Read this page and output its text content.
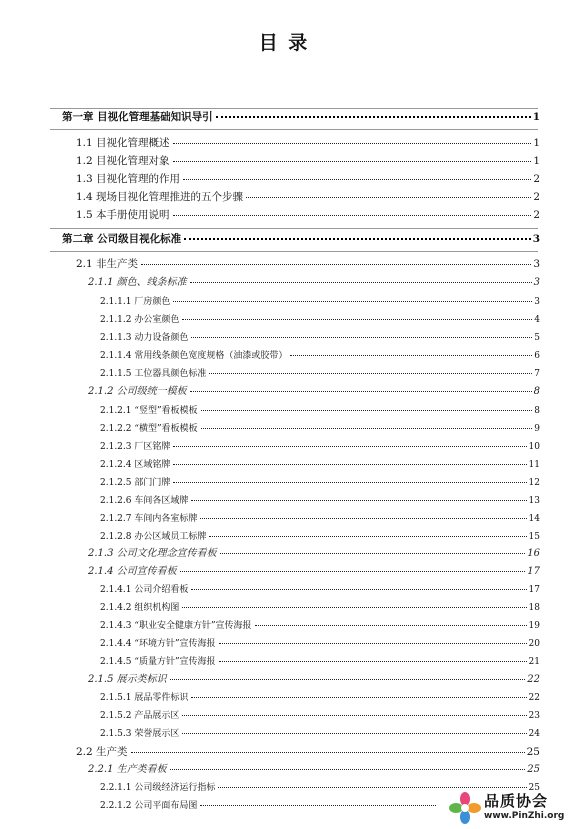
目 录
第一章 目视化管理基础知识导引	1
1.1 目视化管理概述	1
1.2 目视化管理对象	1
1.3 目视化管理的作用	2
1.4 现场目视化管理推进的五个步骤	2
1.5 本手册使用说明	2
第二章 公司级目视化标准	3
2.1 非生产类	3
2.1.1 颜色、线条标准	3
2.1.1.1 厂房颜色	3
2.1.1.2 办公室颜色	4
2.1.1.3 动力设备颜色	5
2.1.1.4 常用线条颜色宽度规格（油漆或胶带）	6
2.1.1.5 工位器具颜色标准	7
2.1.2 公司级统一模板	8
2.1.2.1 “竖型”看板模板	8
2.1.2.2 “横型”看板模板	9
2.1.2.3 厂区铭牌	10
2.1.2.4 区域铭牌	11
2.1.2.5 部门门牌	12
2.1.2.6 车间各区域牌	13
2.1.2.7 车间内各室标牌	14
2.1.2.8 办公区域员工标牌	15
2.1.3 公司文化理念宣传看板	16
2.1.4 公司宣传看板	17
2.1.4.1 公司介绍看板	17
2.1.4.2 组织机构图	18
2.1.4.3 “职业安全健康方针”宣传海报	19
2.1.4.4 “环境方针”宣传海报	20
2.1.4.5 “质量方针”宣传海报	21
2.1.5 展示类标识	22
2.1.5.1 展品零件标识	22
2.1.5.2 产品展示区	23
2.1.5.3 荣誉展示区	24
2.2 生产类	25
2.2.1 生产类看板	25
2.2.1.1 公司级经济运行指标	25
2.2.1.2 公司平面布局图	品质协会
www.PinZhi.org
